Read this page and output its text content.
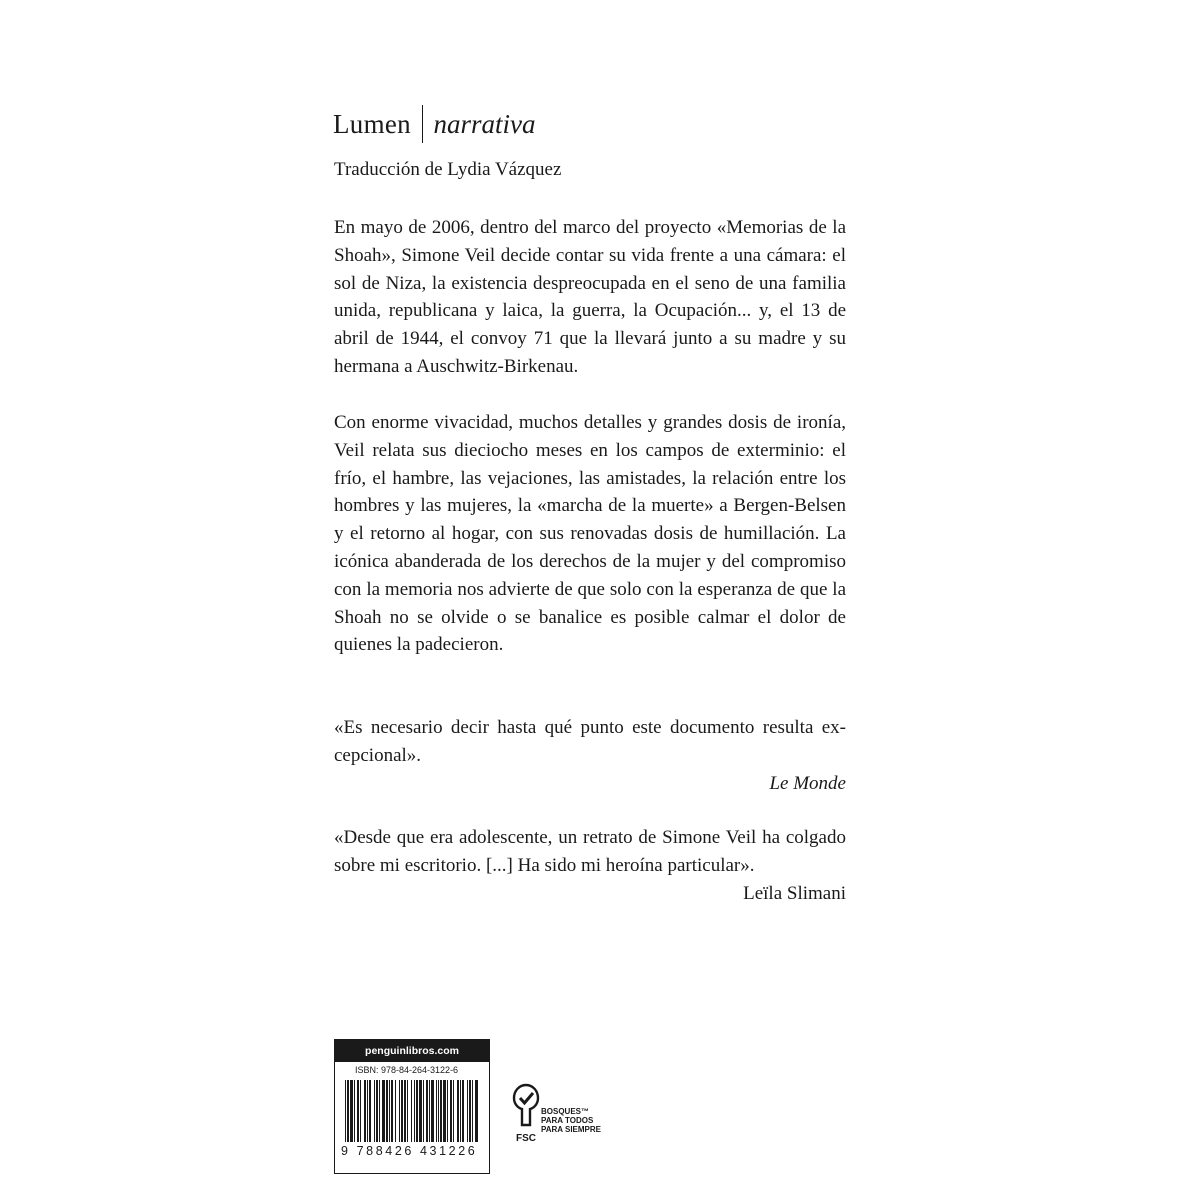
Lumen narrativa
Traducción de Lydia Vázquez

En mayo de 2006, dentro del marco del proyecto «Memorias de la Shoah», Simone Veil decide contar su vida frente a una cámara: el sol de Niza, la existencia despreocupada en el seno de una familia unida, republicana y laica, la guerra, la Ocupación... y, el 13 de abril de 1944, el convoy 71 que la llevará junto a su madre y su hermana a Auschwitz-Birkenau.

Con enorme vivacidad, muchos detalles y grandes dosis de ironía, Veil relata sus dieciocho meses en los campos de exterminio: el frío, el hambre, las vejaciones, las amistades, la relación entre los hombres y las mujeres, la «marcha de la muerte» a Bergen-Belsen y el retorno al hogar, con sus renovadas dosis de humillación. La icónica abanderada de los derechos de la mujer y del compromiso con la memoria nos advierte de que solo con la esperanza de que la Shoah no se olvide o se banalice es posible calmar el dolor de quienes la padecieron.

«Es necesario decir hasta qué punto este documento resulta excepcional».
Le Monde
«Desde que era adolescente, un retrato de Simone Veil ha colgado sobre mi escritorio. [...] Ha sido mi heroína particular».
Leïla Slimani
penguinlibros.com
ISBN: 978-84-264-3122-6
9 788426 431226
FSC
BOSQUES™
PARA TODOS
PARA SIEMPRE
